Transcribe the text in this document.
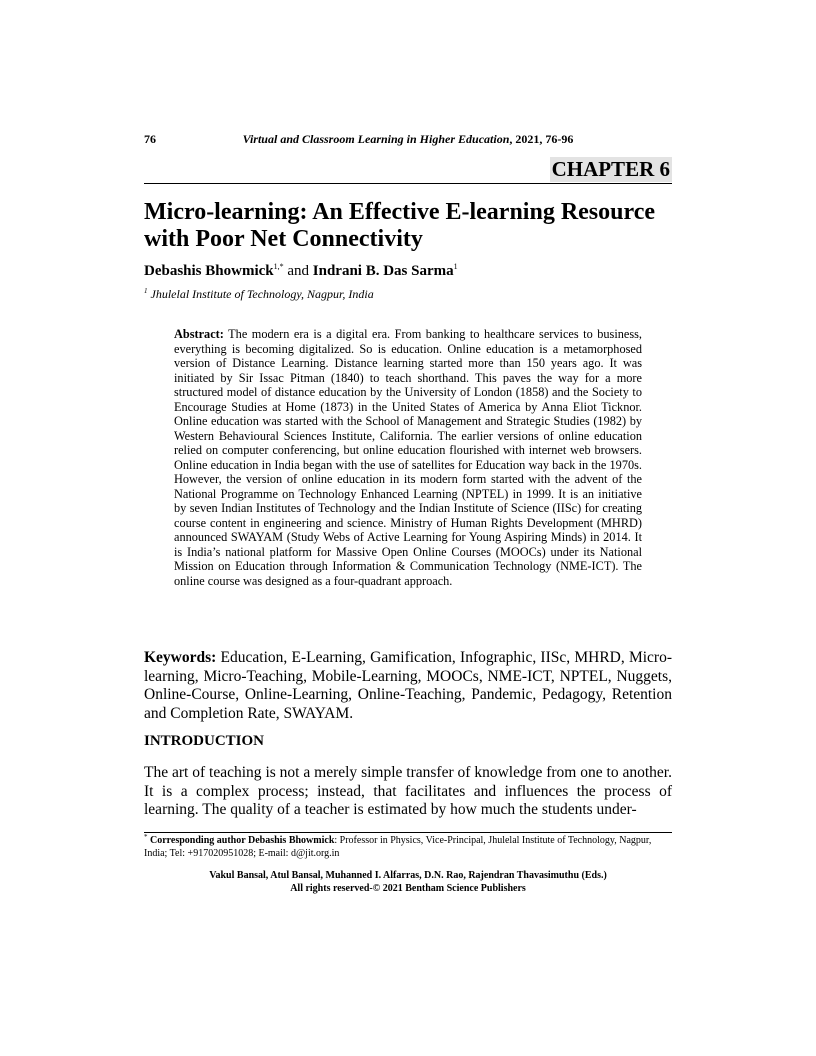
76	Virtual and Classroom Learning in Higher Education, 2021, 76-96
CHAPTER 6
Micro-learning: An Effective E-learning Resource with Poor Net Connectivity
Debashis Bhowmick$^{1,*}$ and Indrani B. Das Sarma$^1$
$^1$ Jhulelal Institute of Technology, Nagpur, India

Abstract: The modern era is a digital era. From banking to healthcare services to business, everything is becoming digitalized. So is education. Online education is a metamorphosed version of Distance Learning. Distance learning started more than 150 years ago. It was initiated by Sir Issac Pitman (1840) to teach shorthand. This paves the way for a more structured model of distance education by the University of London (1858) and the Society to Encourage Studies at Home (1873) in the United States of America by Anna Eliot Ticknor. Online education was started with the School of Management and Strategic Studies (1982) by Western Behavioural Sciences Institute, California. The earlier versions of online education relied on computer conferencing, but online education flourished with internet web browsers. Online education in India began with the use of satellites for Education way back in the 1970s. However, the version of online education in its modern form started with the advent of the National Programme on Technology Enhanced Learning (NPTEL) in 1999. It is an initiative by seven Indian Institutes of Technology and the Indian Institute of Science (IISc) for creating course content in engineering and science. Ministry of Human Rights Development (MHRD) announced SWAYAM (Study Webs of Active Learning for Young Aspiring Minds) in 2014. It is India’s national platform for Massive Open Online Courses (MOOCs) under its National Mission on Education through Information & Communication Technology (NME-ICT). The online course was designed as a four-quadrant approach.

Keywords: Education, E-Learning, Gamification, Infographic, IISc, MHRD, Micro-learning, Micro-Teaching, Mobile-Learning, MOOCs, NME-ICT, NPTEL, Nuggets, Online-Course, Online-Learning, Online-Teaching, Pandemic, Pedagogy, Retention and Completion Rate, SWAYAM.

INTRODUCTION

The art of teaching is not a merely simple transfer of knowledge from one to another. It is a complex process; instead, that facilitates and influences the process of learning. The quality of a teacher is estimated by how much the students under-

* Corresponding author Debashis Bhowmick: Professor in Physics, Vice-Principal, Jhulelal Institute of Technology, Nagpur, India; Tel: +917020951028; E-mail: d@jit.org.in

Vakul Bansal, Atul Bansal, Muhanned I. Alfarras, D.N. Rao, Rajendran Thavasimuthu (Eds.)
All rights reserved-© 2021 Bentham Science Publishers
